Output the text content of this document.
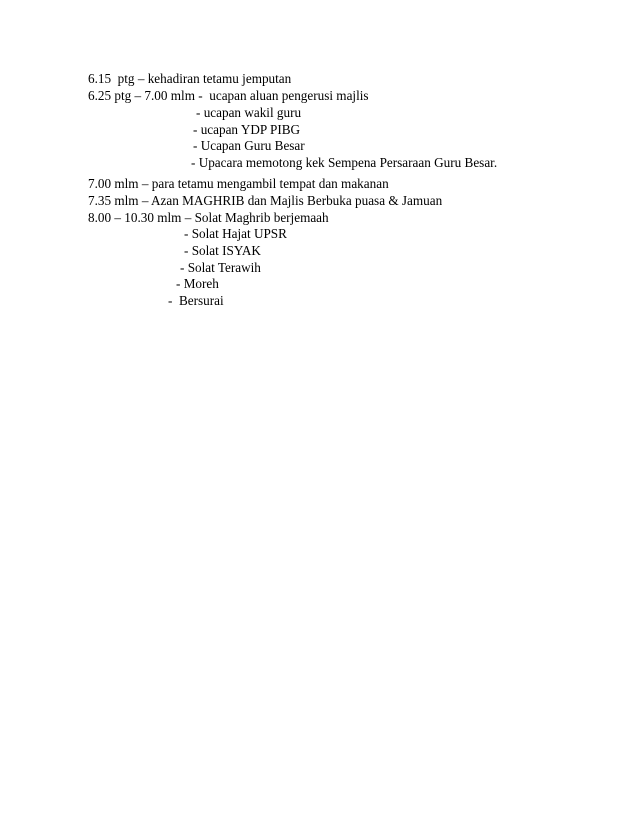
6.15  ptg – kehadiran tetamu jemputan
6.25 ptg – 7.00 mlm -  ucapan aluan pengerusi majlis
- ucapan wakil guru
- ucapan YDP PIBG
- Ucapan Guru Besar
- Upacara memotong kek Sempena Persaraan Guru Besar.
7.00 mlm – para tetamu mengambil tempat dan makanan
7.35 mlm – Azan MAGHRIB dan Majlis Berbuka puasa & Jamuan
8.00 – 10.30 mlm – Solat Maghrib berjemaah
- Solat Hajat UPSR
- Solat ISYAK
- Solat Terawih
- Moreh
-  Bersurai
